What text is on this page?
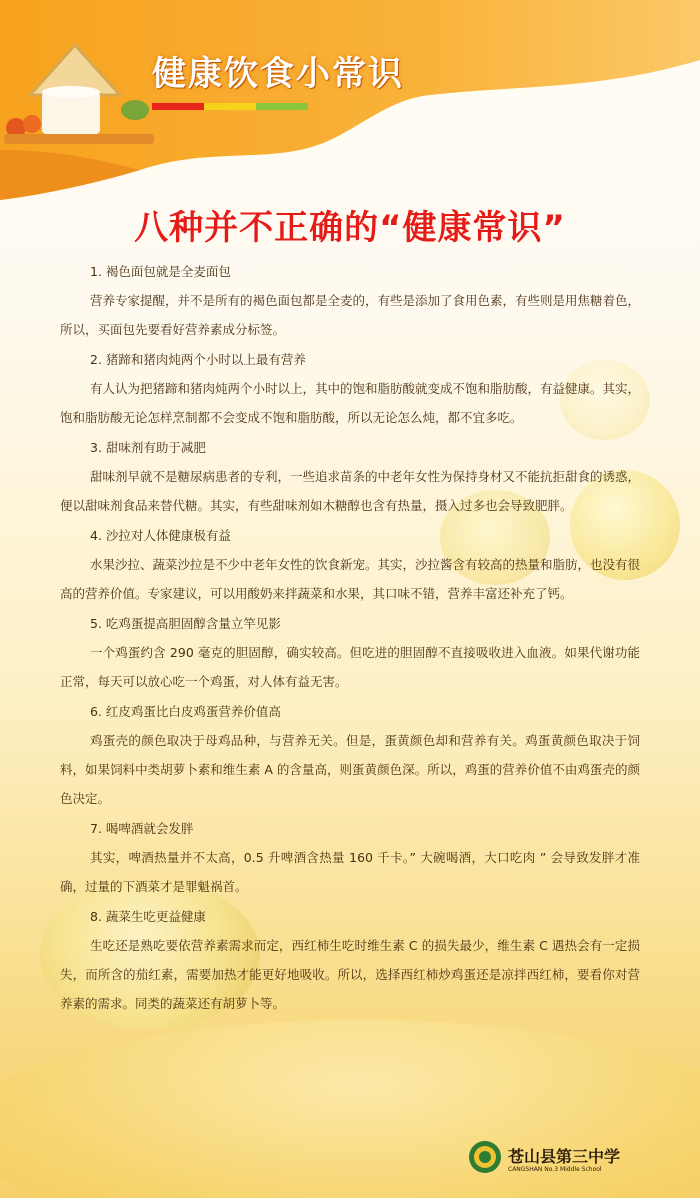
健康饮食小常识
八种并不正确的“健康常识”

1. 褐色面包就是全麦面包

营养专家提醒，并不是所有的褐色面包都是全麦的，有些是添加了食用色素，有些则是用焦糖着色，所以，买面包先要看好营养素成分标签。

2. 猪蹄和猪肉炖两个小时以上最有营养

有人认为把猪蹄和猪肉炖两个小时以上，其中的饱和脂肪酸就变成不饱和脂肪酸，有益健康。其实，饱和脂肪酸无论怎样烹制都不会变成不饱和脂肪酸，所以无论怎么炖，都不宜多吃。

3. 甜味剂有助于减肥

甜味剂早就不是糖尿病患者的专利，一些追求苗条的中老年女性为保持身材又不能抗拒甜食的诱惑，便以甜味剂食品来替代糖。其实，有些甜味剂如木糖醇也含有热量，摄入过多也会导致肥胖。

4. 沙拉对人体健康极有益

水果沙拉、蔬菜沙拉是不少中老年女性的饮食新宠。其实，沙拉酱含有较高的热量和脂肪，也没有很高的营养价值。专家建议，可以用酸奶来拌蔬菜和水果，其口味不错，营养丰富还补充了钙。

5. 吃鸡蛋提高胆固醇含量立竿见影

一个鸡蛋约含 290 毫克的胆固醇，确实较高。但吃进的胆固醇不直接吸收进入血液。如果代谢功能正常，每天可以放心吃一个鸡蛋，对人体有益无害。

6. 红皮鸡蛋比白皮鸡蛋营养价值高

鸡蛋壳的颜色取决于母鸡品种，与营养无关。但是，蛋黄颜色却和营养有关。鸡蛋黄颜色取决于饲料，如果饲料中类胡萝卜素和维生素 A 的含量高，则蛋黄颜色深。所以，鸡蛋的营养价值不由鸡蛋壳的颜色决定。

7. 喝啤酒就会发胖

其实，啤酒热量并不太高，0.5 升啤酒含热量 160 千卡。” 大碗喝酒，大口吃肉 ” 会导致发胖才准确，过量的下酒菜才是罪魁祸首。

8. 蔬菜生吃更益健康

生吃还是熟吃要依营养素需求而定，西红柿生吃时维生素 C 的损失最少，维生素 C 遇热会有一定损失，而所含的茄红素，需要加热才能更好地吸收。所以，选择西红柿炒鸡蛋还是凉拌西红柿，要看你对营养素的需求。同类的蔬菜还有胡萝卜等。

苍山县第三中学
CANGSHAN No.3 Middle School
